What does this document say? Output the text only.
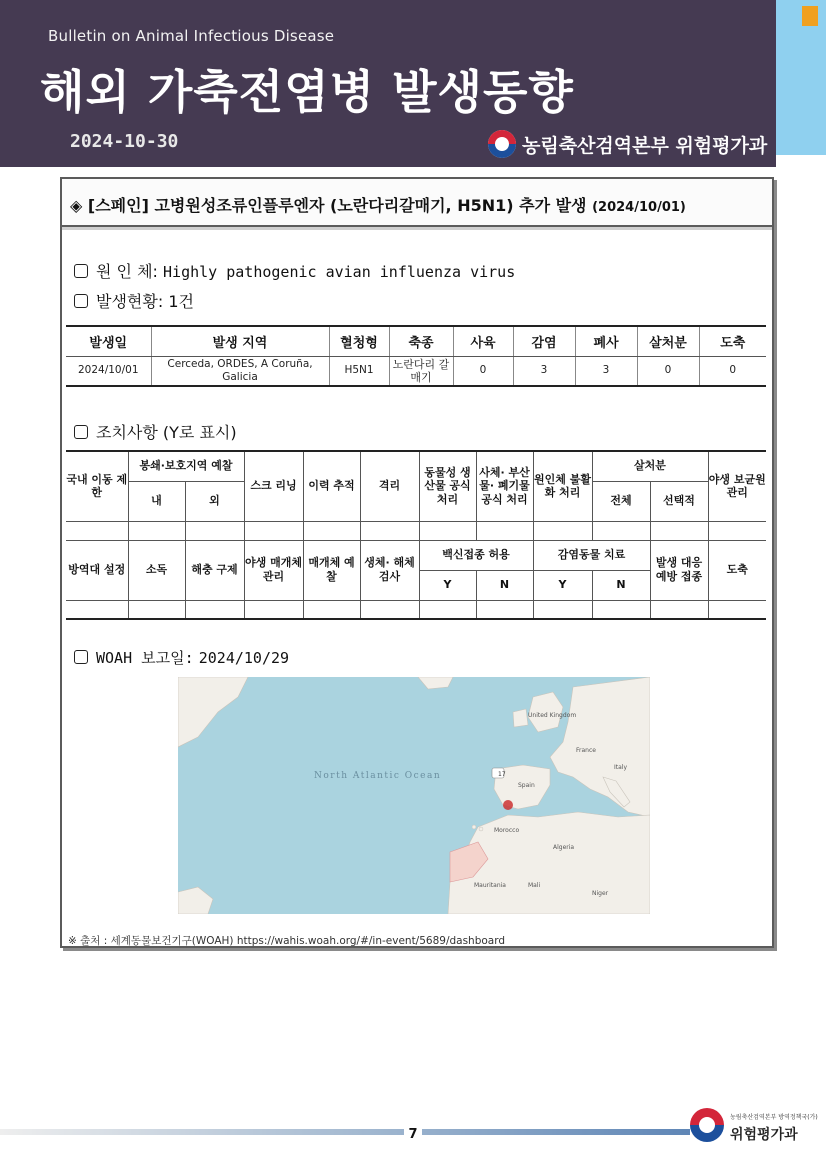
Bulletin on Animal Infectious Disease
해외 가축전염병 발생동향
2024-10-30	농림축산검역본부 위험평가과
◈ [스페인] 고병원성조류인플루엔자 (노란다리갈매기, H5N1) 추가 발생 (2024/10/01)
원 인 체: Highly pathogenic avian influenza virus
발생현황: 1건
발생일	발생 지역	혈청형	축종	사육	감염	폐사	살처분	도축
2024/10/01	Cerceda, ORDES, A Coruña, Galicia	H5N1	노란다리 갈매기	0	3	3	0	0
조치사항 (Y로 표시)
국내 이동 제한	봉쇄·보호지역 예찰		스크 리닝	이력 추적	격리	동물성 생산물 공식 처리	사체· 부산물· 폐기물 공식 처리	원인체 불활화 처리	살처분		야생 보균원 관리
	내	외							전체	선택적	

방역대 설정	소독	해충 구제	야생 매개체 관리	매개체 예찰	생체· 해체 검사	백신접종 허용		감염동물 치료		발생 대응 예방 접종	도축
						Y	N	Y	N		

WOAH 보고일: 2024/10/29
North Atlantic Ocean	17
United Kingdom
France
Spain
Italy
Morocco
Algeria
Mauritania	Mali
Niger
※ 출처 : 세계동물보건기구(WOAH) https://wahis.woah.org/#/in-event/5689/dashboard
7
농림축산검역본부 방역정책국(가)
위험평가과
